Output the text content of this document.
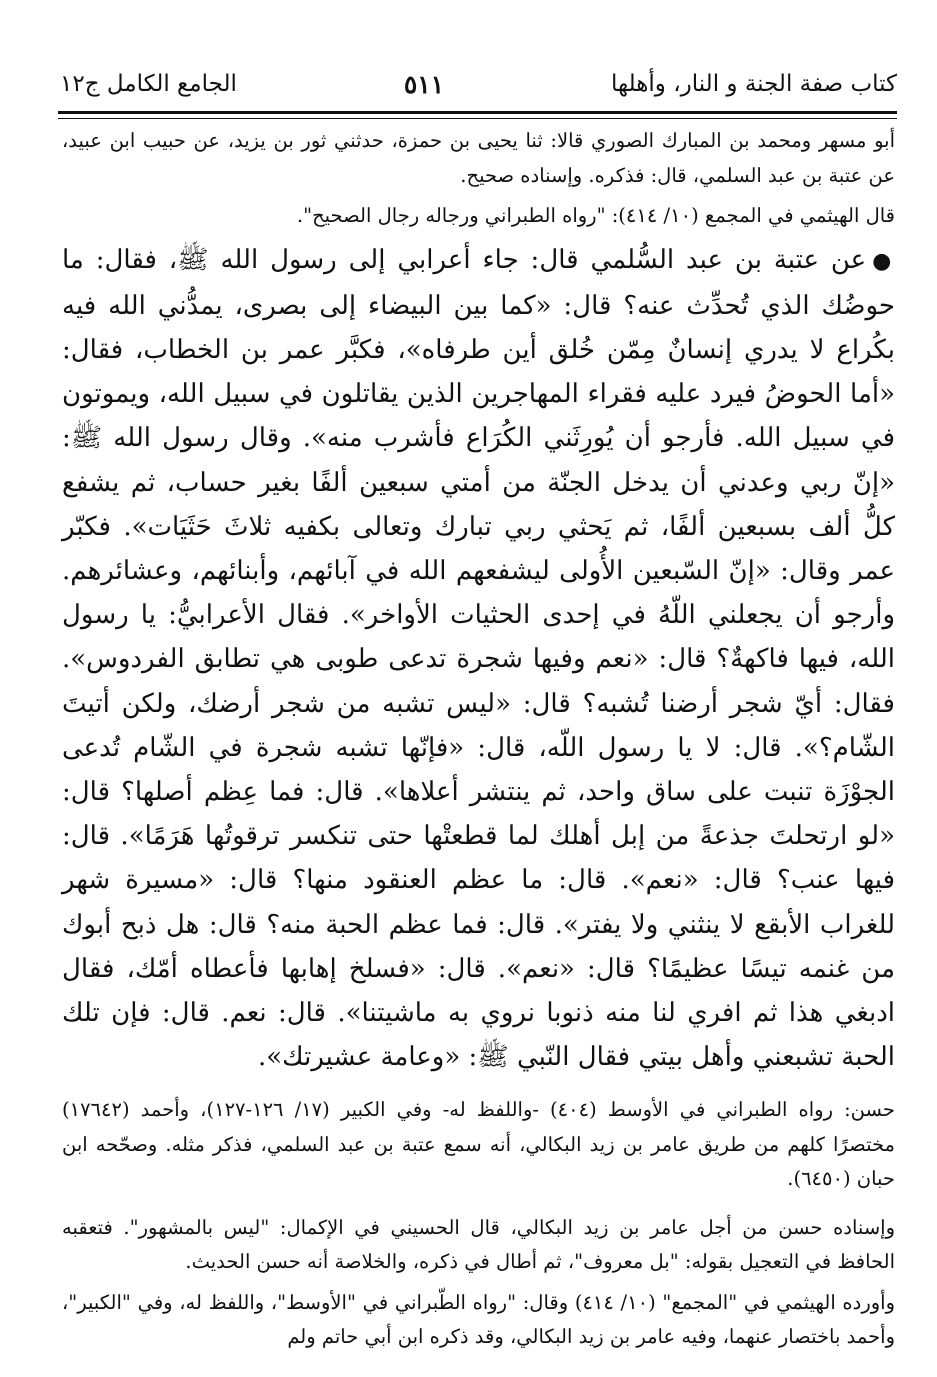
كتاب صفة الجنة و النار، وأهلها
٥١١
الجامع الكامل ج١٢

أبو مسهر ومحمد بن المبارك الصوري قالا: ثنا يحيى بن حمزة، حدثني ثور بن يزيد، عن حبيب ابن عبيد، عن عتبة بن عبد السلمي، قال: فذكره. وإسناده صحيح.

قال الهيثمي في المجمع (١٠/ ٤١٤): "رواه الطبراني ورجاله رجال الصحيح".

●عن عتبة بن عبد السُّلمي قال: جاء أعرابي إلى رسول الله ﷺ، فقال: ما حوضُك الذي تُحدِّث عنه؟ قال: «كما بين البيضاء إلى بصرى، يمدُّني الله فيه بكُراع لا يدري إنسانٌ مِمّن خُلق أين طرفاه»، فكبَّر عمر بن الخطاب، فقال: «أما الحوضُ فيرد عليه فقراء المهاجرين الذين يقاتلون في سبيل الله، ويموتون في سبيل الله. فأرجو أن يُورِثَني الكُرَاع فأشرب منه». وقال رسول الله ﷺ: «إنّ ربي وعدني أن يدخل الجنّة من أمتي سبعين ألفًا بغير حساب، ثم يشفع كلُّ ألف بسبعين ألفًا، ثم يَحثي ربي تبارك وتعالى بكفيه ثلاثَ حَثَيَات». فكبّر عمر وقال: «إنّ السّبعين الأُولى ليشفعهم الله في آبائهم، وأبنائهم، وعشائرهم. وأرجو أن يجعلني اللّهُ في إحدى الحثيات الأواخر». فقال الأعرابيُّ: يا رسول الله، فيها فاكهةٌ؟ قال: «نعم وفيها شجرة تدعى طوبى هي تطابق الفردوس». فقال: أيّ شجر أرضنا تُشبه؟ قال: «ليس تشبه من شجر أرضك، ولكن أتيتَ الشّام؟». قال: لا يا رسول اللّه، قال: «فإنّها تشبه شجرة في الشّام تُدعى الجوْزَة تنبت على ساق واحد، ثم ينتشر أعلاها». قال: فما عِظم أصلها؟ قال: «لو ارتحلتَ جذعةً من إبل أهلك لما قطعتْها حتى تنكسر ترقوتُها هَرَمًا». قال: فيها عنب؟ قال: «نعم». قال: ما عظم العنقود منها؟ قال: «مسيرة شهر للغراب الأبقع لا ينثني ولا يفتر». قال: فما عظم الحبة منه؟ قال: هل ذبح أبوك من غنمه تيسًا عظيمًا؟ قال: «نعم». قال: «فسلخ إهابها فأعطاه أمّك، فقال ادبغي هذا ثم افري لنا منه ذنوبا نروي به ماشيتنا». قال: نعم. قال: فإن تلك الحبة تشبعني وأهل بيتي فقال النّبي ﷺ: «وعامة عشيرتك».

حسن: رواه الطبراني في الأوسط (٤٠٤) -واللفظ له- وفي الكبير (١٧/ ١٢٦-١٢٧)، وأحمد (١٧٦٤٢) مختصرًا كلهم من طريق عامر بن زيد البكالي، أنه سمع عتبة بن عبد السلمي، فذكر مثله. وصحّحه ابن حبان (٦٤٥٠).

وإسناده حسن من أجل عامر بن زيد البكالي، قال الحسيني في الإكمال: "ليس بالمشهور". فتعقبه الحافظ في التعجيل بقوله: "بل معروف"، ثم أطال في ذكره، والخلاصة أنه حسن الحديث.

وأورده الهيثمي في "المجمع" (١٠/ ٤١٤) وقال: "رواه الطّبراني في "الأوسط"، واللفظ له، وفي "الكبير"، وأحمد باختصار عنهما، وفيه عامر بن زيد البكالي، وقد ذكره ابن أبي حاتم ولم
